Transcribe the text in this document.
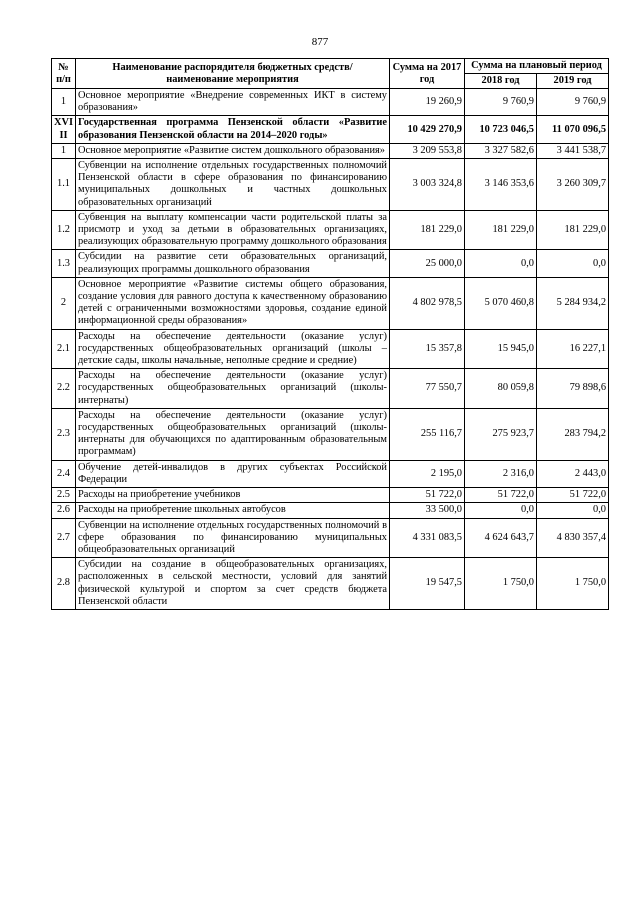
877
№ п/п	Наименование распорядителя бюджетных средств/ наименование мероприятия	Сумма на 2017 год	Сумма на плановый период	
			2018 год	2019 год
1	Основное мероприятие «Внедрение современных ИКТ в систему образования»	19 260,9	9 760,9	9 760,9
XVI II	Государственная программа Пензенской области «Развитие образования Пензенской области на 2014–2020 годы»	10 429 270,9	10 723 046,5	11 070 096,5
1	Основное мероприятие «Развитие систем дошкольного образования»	3 209 553,8	3 327 582,6	3 441 538,7
1.1	Субвенции на исполнение отдельных государственных полномочий Пензенской области в сфере образования по финансированию муниципальных дошкольных и частных дошкольных образовательных организаций	3 003 324,8	3 146 353,6	3 260 309,7
1.2	Субвенция на выплату компенсации части родительской платы за присмотр и уход за детьми в образовательных организациях, реализующих образовательную программу дошкольного образования	181 229,0	181 229,0	181 229,0
1.3	Субсидии на развитие сети образовательных организаций, реализующих программы дошкольного образования	25 000,0	0,0	0,0
2	Основное мероприятие «Развитие системы общего образования, создание условия для равного доступа к качественному образованию детей с ограниченными возможностями здоровья, создание единой информационной среды образования»	4 802 978,5	5 070 460,8	5 284 934,2
2.1	Расходы на обеспечение деятельности (оказание услуг) государственных общеобразовательных организаций (школы – детские сады, школы начальные, неполные средние и средние)	15 357,8	15 945,0	16 227,1
2.2	Расходы на обеспечение деятельности (оказание услуг) государственных общеобразовательных организаций (школы-интернаты)	77 550,7	80 059,8	79 898,6
2.3	Расходы на обеспечение деятельности (оказание услуг) государственных общеобразовательных организаций (школы-интернаты для обучающихся по адаптированным образовательным программам)	255 116,7	275 923,7	283 794,2
2.4	Обучение детей-инвалидов в других субъектах Российской Федерации	2 195,0	2 316,0	2 443,0
2.5	Расходы на приобретение учебников	51 722,0	51 722,0	51 722,0
2.6	Расходы на приобретение школьных автобусов	33 500,0	0,0	0,0
2.7	Субвенции на исполнение отдельных государственных полномочий в сфере образования по финансированию муниципальных общеобразовательных организаций	4 331 083,5	4 624 643,7	4 830 357,4
2.8	Субсидии на создание в общеобразовательных организациях, расположенных в сельской местности, условий для занятий физической культурой и спортом за счет средств бюджета Пензенской области	19 547,5	1 750,0	1 750,0
